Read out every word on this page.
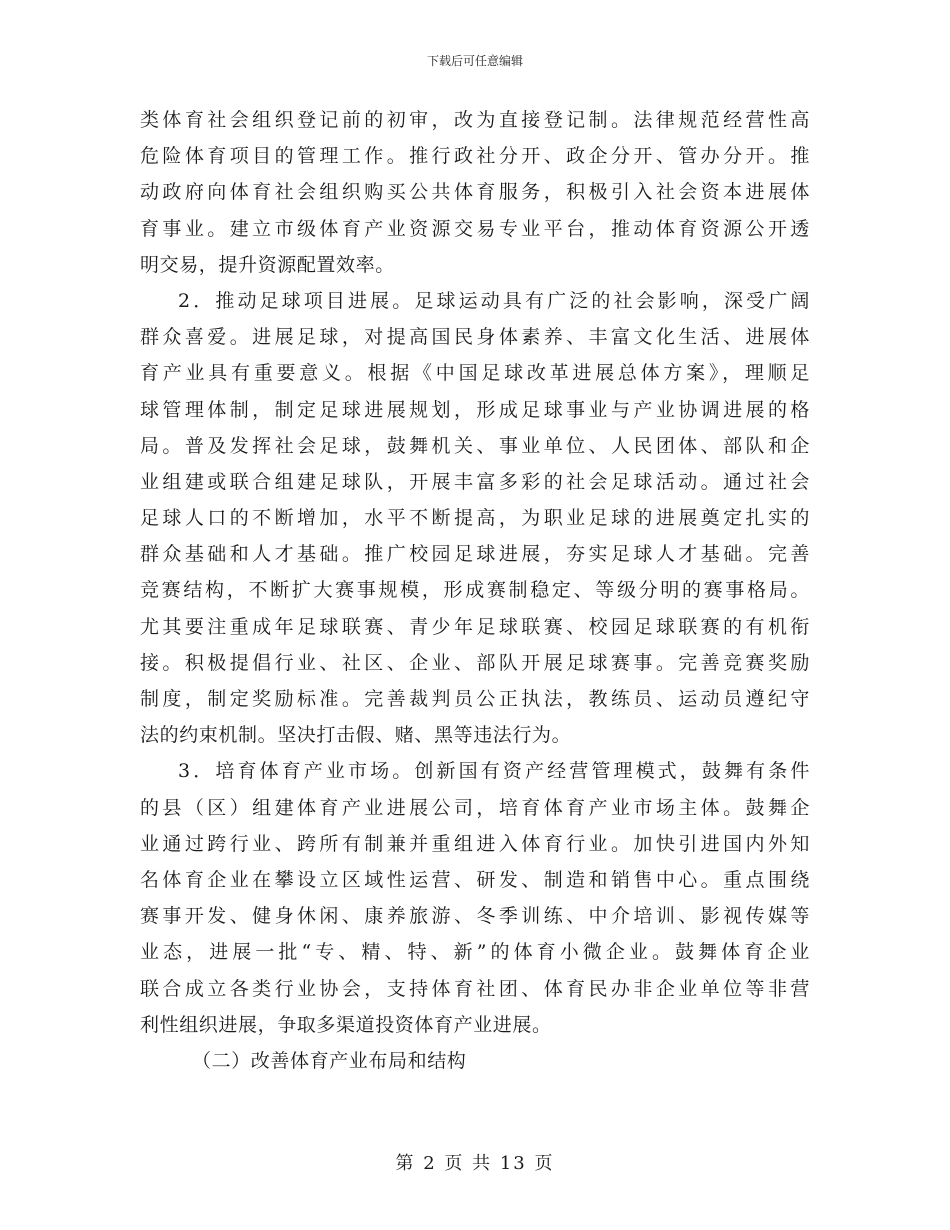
下载后可任意编辑
类体育社会组织登记前的初审，改为直接登记制。法律规范经营性高
危险体育项目的管理工作。推行政社分开、政企分开、管办分开。推
动政府向体育社会组织购买公共体育服务，积极引入社会资本进展体
育事业。建立市级体育产业资源交易专业平台，推动体育资源公开透
明交易，提升资源配置效率。
2．推动足球项目进展。足球运动具有广泛的社会影响，深受广阔
群众喜爱。进展足球，对提高国民身体素养、丰富文化生活、进展体
育产业具有重要意义。根据《中国足球改革进展总体方案》，理顺足
球管理体制，制定足球进展规划，形成足球事业与产业协调进展的格
局。普及发挥社会足球，鼓舞机关、事业单位、人民团体、部队和企
业组建或联合组建足球队，开展丰富多彩的社会足球活动。通过社会
足球人口的不断增加，水平不断提高，为职业足球的进展奠定扎实的
群众基础和人才基础。推广校园足球进展，夯实足球人才基础。完善
竞赛结构，不断扩大赛事规模，形成赛制稳定、等级分明的赛事格局。
尤其要注重成年足球联赛、青少年足球联赛、校园足球联赛的有机衔
接。积极提倡行业、社区、企业、部队开展足球赛事。完善竞赛奖励
制度，制定奖励标准。完善裁判员公正执法，教练员、运动员遵纪守
法的约束机制。坚决打击假、赌、黑等违法行为。
3．培育体育产业市场。创新国有资产经营管理模式，鼓舞有条件
的县（区）组建体育产业进展公司，培育体育产业市场主体。鼓舞企
业通过跨行业、跨所有制兼并重组进入体育行业。加快引进国内外知
名体育企业在攀设立区域性运营、研发、制造和销售中心。重点围绕
赛事开发、健身休闲、康养旅游、冬季训练、中介培训、影视传媒等
业态，进展一批“专、精、特、新”的体育小微企业。鼓舞体育企业
联合成立各类行业协会，支持体育社团、体育民办非企业单位等非营
利性组织进展，争取多渠道投资体育产业进展。
（二）改善体育产业布局和结构
第 2 页 共 13 页
